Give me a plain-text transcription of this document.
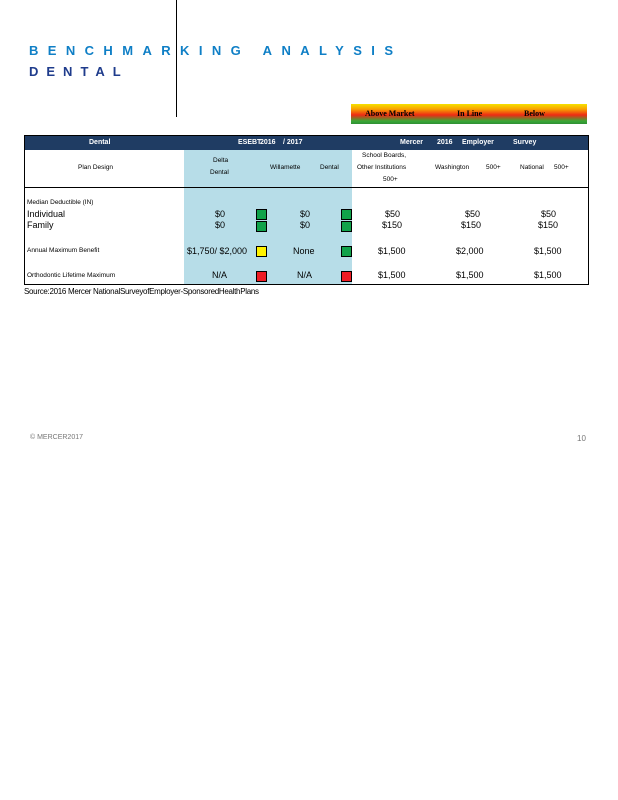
BENCHMARKING ANALYSIS
DENTAL
Above Market	In Line	Below
Dental	ESEBT
2016 / 2017	Mercer 2016 Employer	Survey
Plan Design
Delta
Dental
Willamette	Dental
School Boards,
Other Institutions
500+
Washington	500+	National 500+
Median Deductible (IN)
Individual	$0	$0	$50	$50	$50
Family	$0	$0	$150	$150	$150
Annual Maximum Benefit	$1,750/ $2,000	None	$1,500	$2,000	$1,500
Orthodontic Lifetime Maximum	N/A	N/A	$1,500	$1,500	$1,500
Source:2016 Mercer NationalSurveyofEmployer-SponsoredHealthPlans
© MERCER2017	10
